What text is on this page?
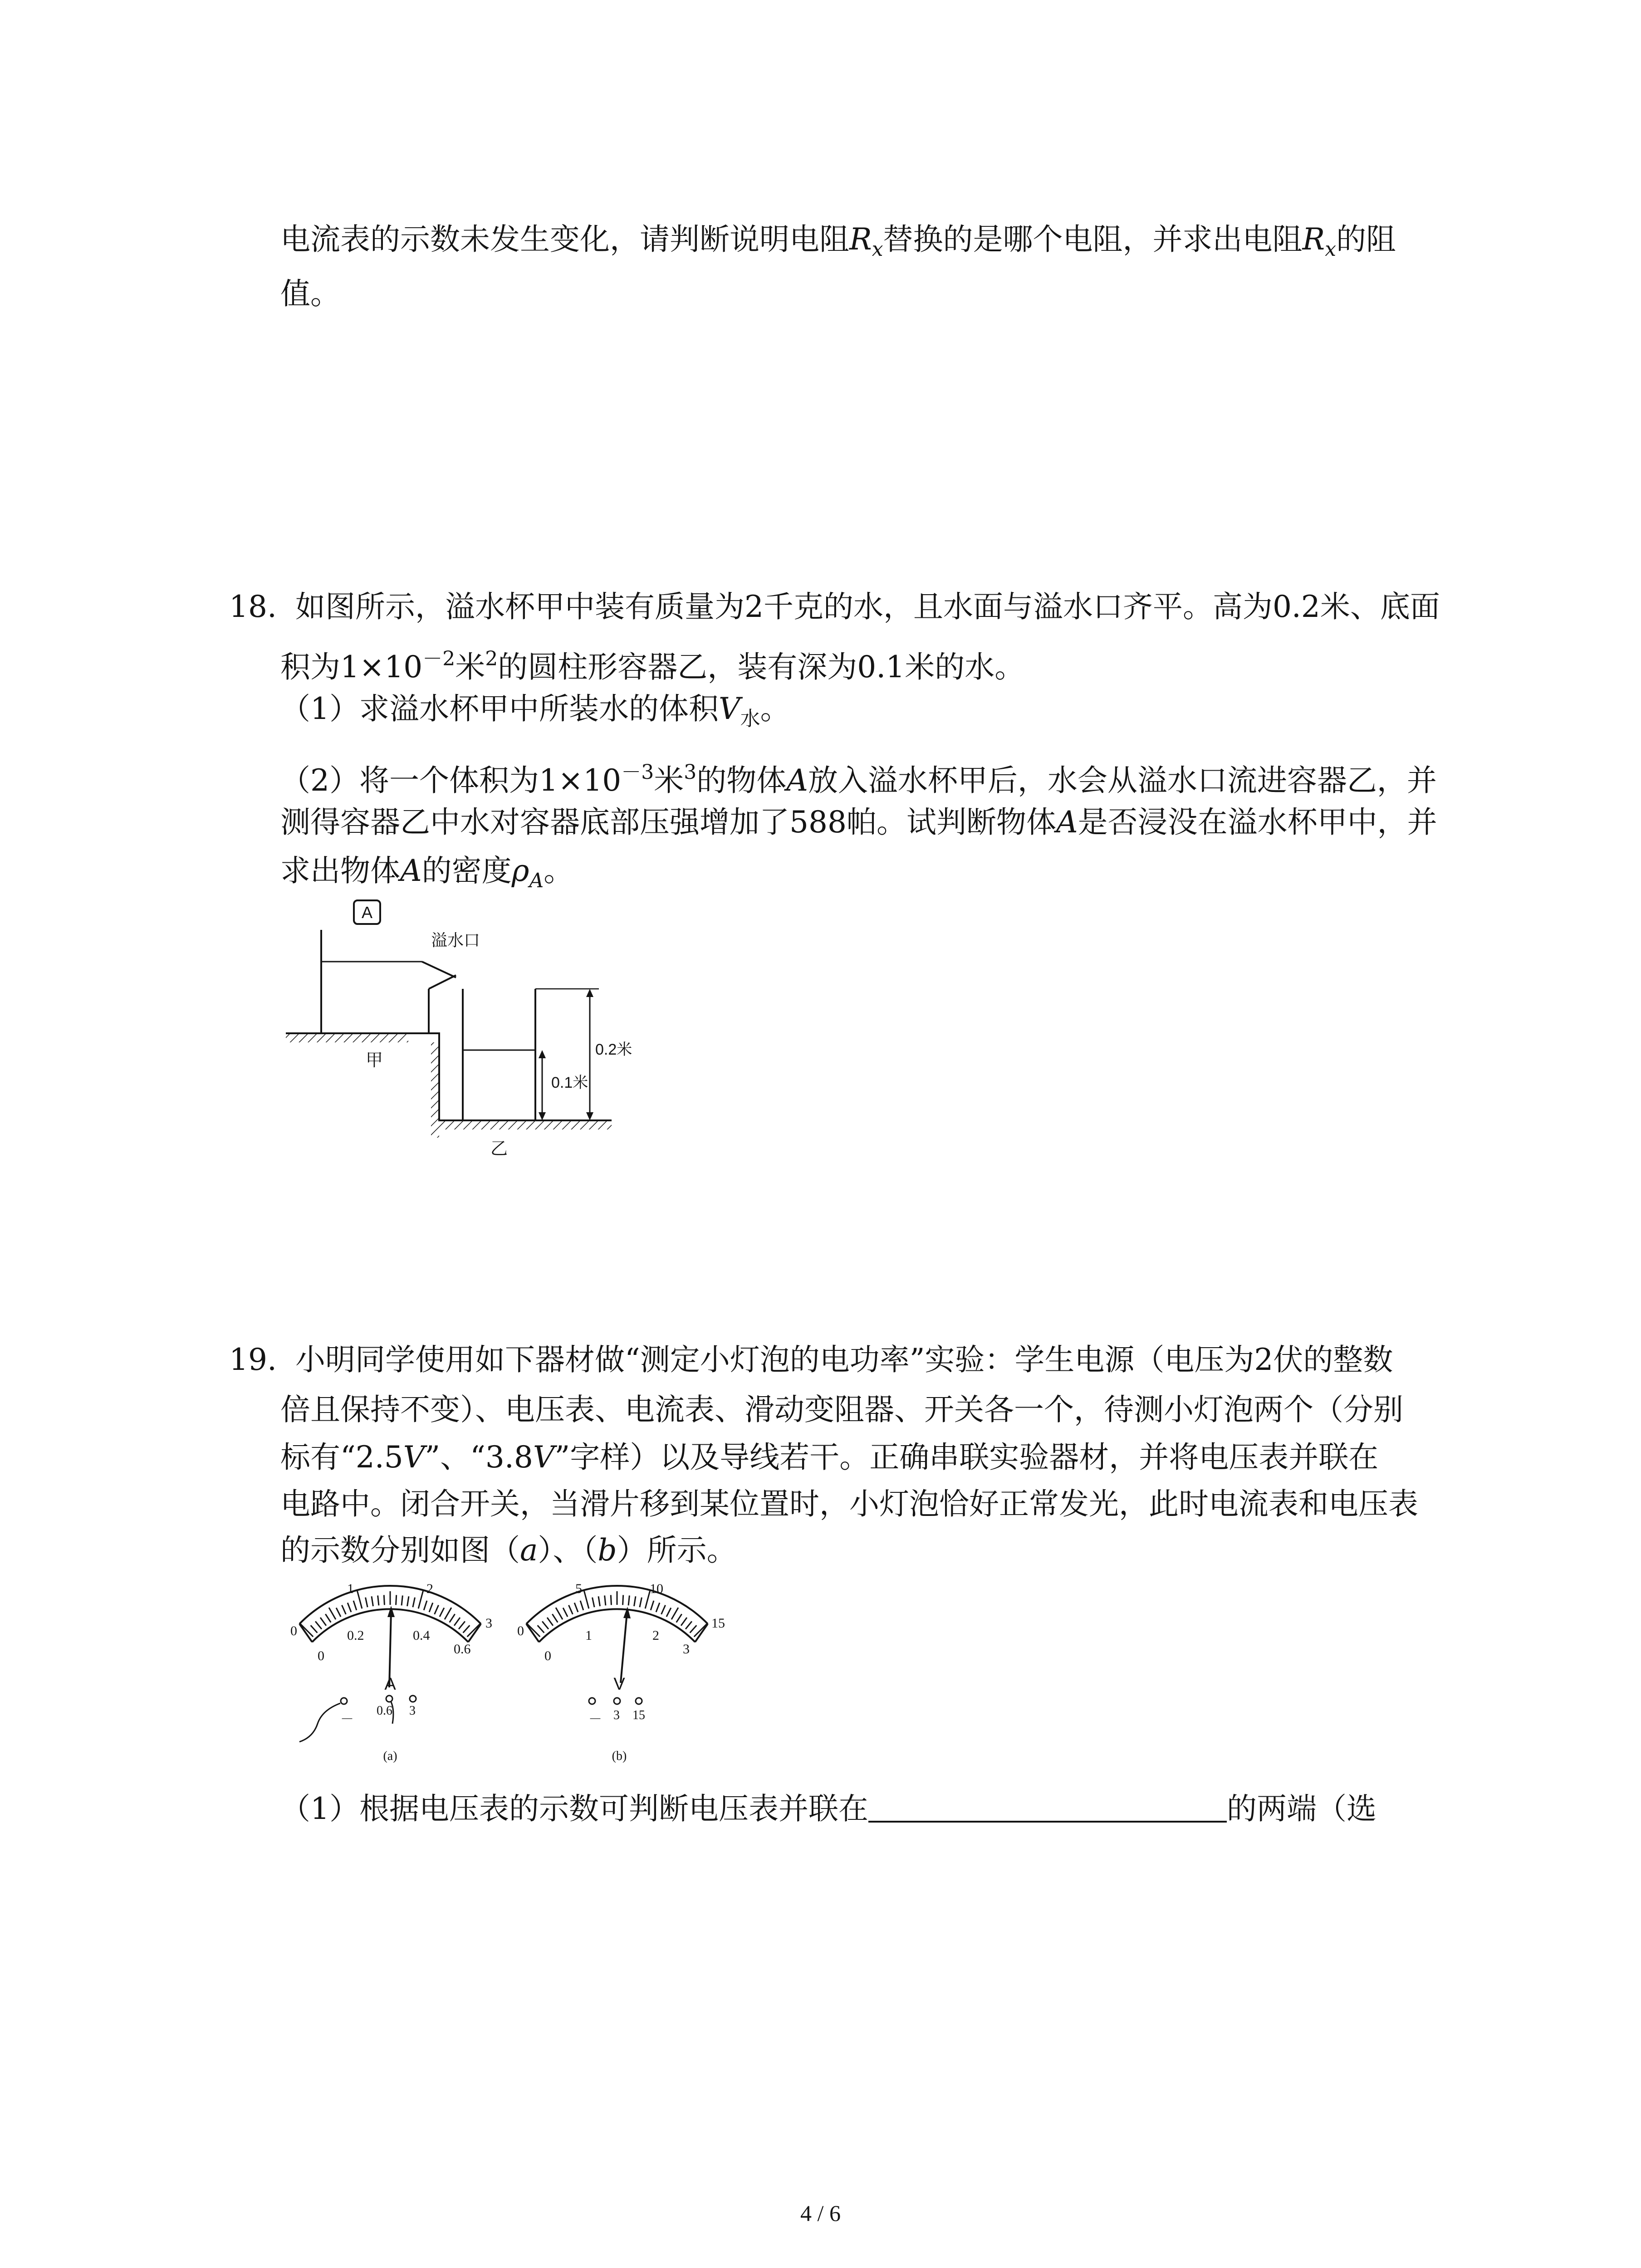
电流表的示数未发生变化，请判断说明电阻$R_x$替换的是哪个电阻，并求出电阻$R_x$的阻
值。
18. 如图所示，溢水杯甲中装有质量为2千克的水，且水面与溢水口齐平。高为0.2米、底面
积为$1\times 10^{-2}$米$^2$的圆柱形容器乙，装有深为0.1米的水。
（1）求溢水杯甲中所装水的体积$V_水$。
（2）将一个体积为$1\times 10^{-3}$米$^3$的物体A放入溢水杯甲后，水会从溢水口流进容器乙，并
测得容器乙中水对容器底部压强增加了588帕。试判断物体A是否浸没在溢水杯甲中，并
求出物体A的密度$\rho_A$。
A
溢水口
0.2米
0.1米
甲
乙
19. 小明同学使用如下器材做“测定小灯泡的电功率”实验：学生电源（电压为2伏的整数
倍且保持不变）、电压表、电流表、滑动变阻器、开关各一个，待测小灯泡两个（分别
标有“2.5V”、“3.8V”字样）以及导线若干。正确串联实验器材，并将电压表并联在
电路中。闭合开关，当滑片移到某位置时，小灯泡恰好正常发光，此时电流表和电压表
的示数分别如图（a）、（b）所示。
0
1	2
3
0
0.2	0.4
0.6
A
－
0.6 3
(a)
0
5	10
15
0
1	2
3
V
－ 3 15
(b)
（1）根据电压表的示数可判断电压表并联在	的两端（选
4 / 6
